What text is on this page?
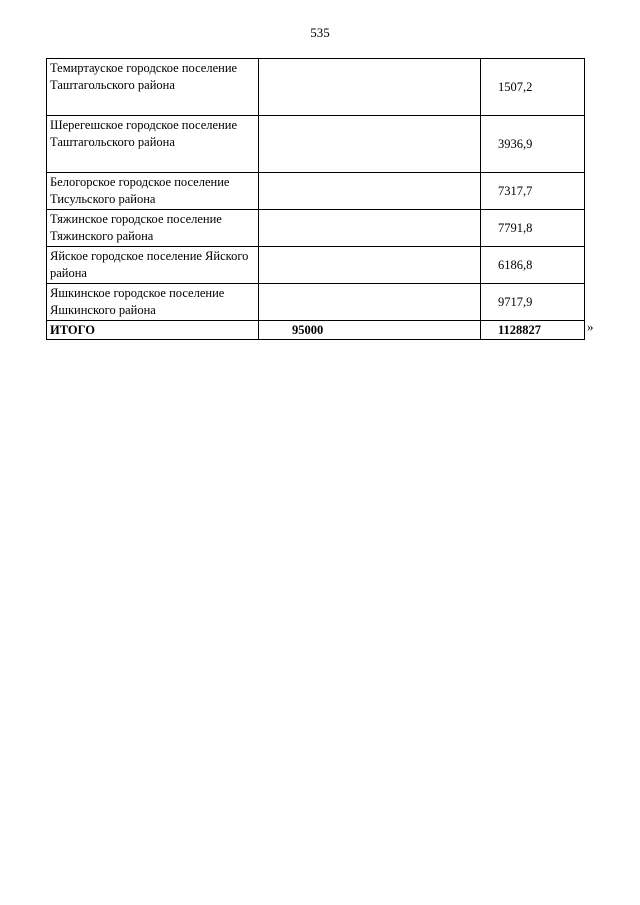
535
Темиртауское городское поселение Таштагольского района		1507,2
Шерегешское городское поселение Таштагольского района		3936,9
Белогорское городское поселение Тисульского района		7317,7
Тяжинское городское поселение Тяжинского района		7791,8
Яйское городское поселение Яйского района		6186,8
Яшкинское городское поселение Яшкинского района		9717,9
ИТОГО	95000	1128827	»
